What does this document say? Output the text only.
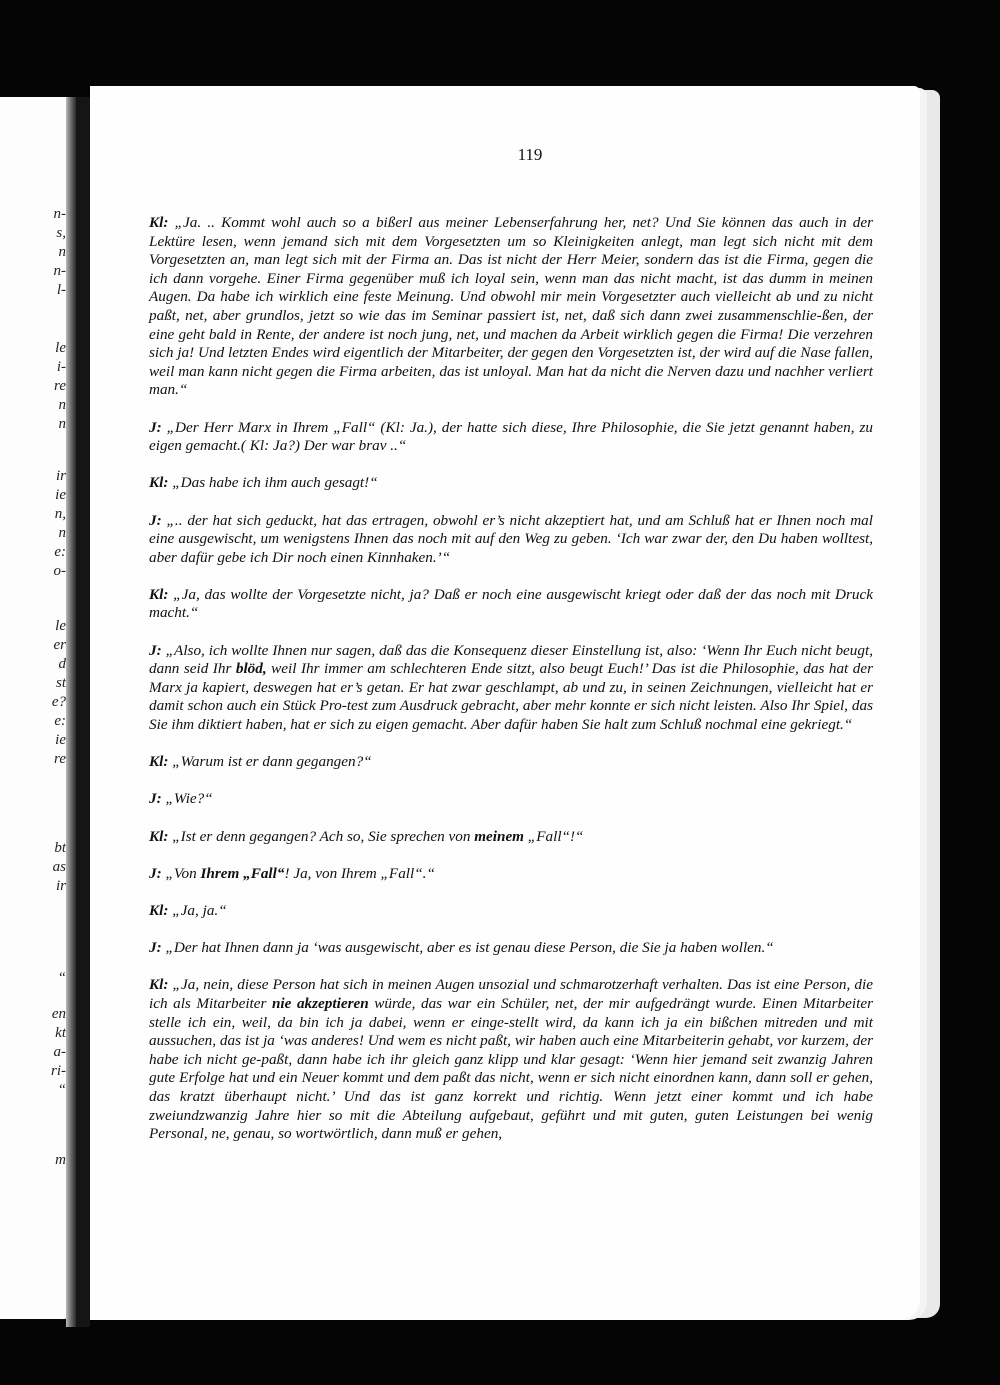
n-
s,
n
n-
l-
le
i-
re
n
n
ir
ie
n,
n
e:
o-
le
er
d
st
e?
e:
ie
re
bt
as
ir
“
en
kt
a-
ri-
“
m
119

Kl: „Ja. .. Kommt wohl auch so a bißerl aus meiner Lebenserfahrung her, net? Und Sie können das auch in der Lektüre lesen, wenn jemand sich mit dem Vorgesetzten um so Kleinigkeiten anlegt, man legt sich nicht mit dem Vorgesetzten an, man legt sich mit der Firma an. Das ist nicht der Herr Meier, sondern das ist die Firma, gegen die ich dann vorgehe. Einer Firma gegenüber muß ich loyal sein, wenn man das nicht macht, ist das dumm in meinen Augen. Da habe ich wirklich eine feste Meinung. Und obwohl mir mein Vorgesetzter auch vielleicht ab und zu nicht paßt, net, aber grundlos, jetzt so wie das im Seminar passiert ist, net, daß sich dann zwei zusammenschlie-ßen, der eine geht bald in Rente, der andere ist noch jung, net, und machen da Arbeit wirklich gegen die Firma! Die verzehren sich ja! Und letzten Endes wird eigentlich der Mitarbeiter, der gegen den Vorgesetzten ist, der wird auf die Nase fallen, weil man kann nicht gegen die Firma arbeiten, das ist unloyal. Man hat da nicht die Nerven dazu und nachher verliert man.“

J: „Der Herr Marx in Ihrem „Fall“ (Kl: Ja.), der hatte sich diese, Ihre Philosophie, die Sie jetzt genannt haben, zu eigen gemacht.( Kl: Ja?) Der war brav ..“

Kl: „Das habe ich ihm auch gesagt!“

J: „.. der hat sich geduckt, hat das ertragen, obwohl er’s nicht akzeptiert hat, und am Schluß hat er Ihnen noch mal eine ausgewischt, um wenigstens Ihnen das noch mit auf den Weg zu geben. ‘Ich war zwar der, den Du haben wolltest, aber dafür gebe ich Dir noch einen Kinnhaken.’“

Kl: „Ja, das wollte der Vorgesetzte nicht, ja? Daß er noch eine ausgewischt kriegt oder daß der das noch mit Druck macht.“

J: „Also, ich wollte Ihnen nur sagen, daß das die Konsequenz dieser Einstellung ist, also: ‘Wenn Ihr Euch nicht beugt, dann seid Ihr blöd, weil Ihr immer am schlechteren Ende sitzt, also beugt Euch!’ Das ist die Philosophie, das hat der Marx ja kapiert, deswegen hat er’s getan. Er hat zwar geschlampt, ab und zu, in seinen Zeichnungen, vielleicht hat er damit schon auch ein Stück Pro-test zum Ausdruck gebracht, aber mehr konnte er sich nicht leisten. Also Ihr Spiel, das Sie ihm diktiert haben, hat er sich zu eigen gemacht. Aber dafür haben Sie halt zum Schluß nochmal eine gekriegt.“

Kl: „Warum ist er dann gegangen?“

J: „Wie?“

Kl: „Ist er denn gegangen? Ach so, Sie sprechen von meinem „Fall“!“

J: „Von Ihrem „Fall“! Ja, von Ihrem „Fall“.“

Kl: „Ja, ja.“

J: „Der hat Ihnen dann ja ‘was ausgewischt, aber es ist genau diese Person, die Sie ja haben wollen.“

Kl: „Ja, nein, diese Person hat sich in meinen Augen unsozial und schmarotzerhaft verhalten. Das ist eine Person, die ich als Mitarbeiter nie akzeptieren würde, das war ein Schüler, net, der mir aufgedrängt wurde. Einen Mitarbeiter stelle ich ein, weil, da bin ich ja dabei, wenn er einge-stellt wird, da kann ich ja ein bißchen mitreden und mit aussuchen, das ist ja ‘was anderes! Und wem es nicht paßt, wir haben auch eine Mitarbeiterin gehabt, vor kurzem, der habe ich nicht ge-paßt, dann habe ich ihr gleich ganz klipp und klar gesagt: ‘Wenn hier jemand seit zwanzig Jahren gute Erfolge hat und ein Neuer kommt und dem paßt das nicht, wenn er sich nicht einordnen kann, dann soll er gehen, das kratzt überhaupt nicht.’ Und das ist ganz korrekt und richtig. Wenn jetzt einer kommt und ich habe zweiundzwanzig Jahre hier so mit die Abteilung aufgebaut, geführt und mit guten, guten Leistungen bei wenig Personal, ne, genau, so wortwörtlich, dann muß er gehen,
